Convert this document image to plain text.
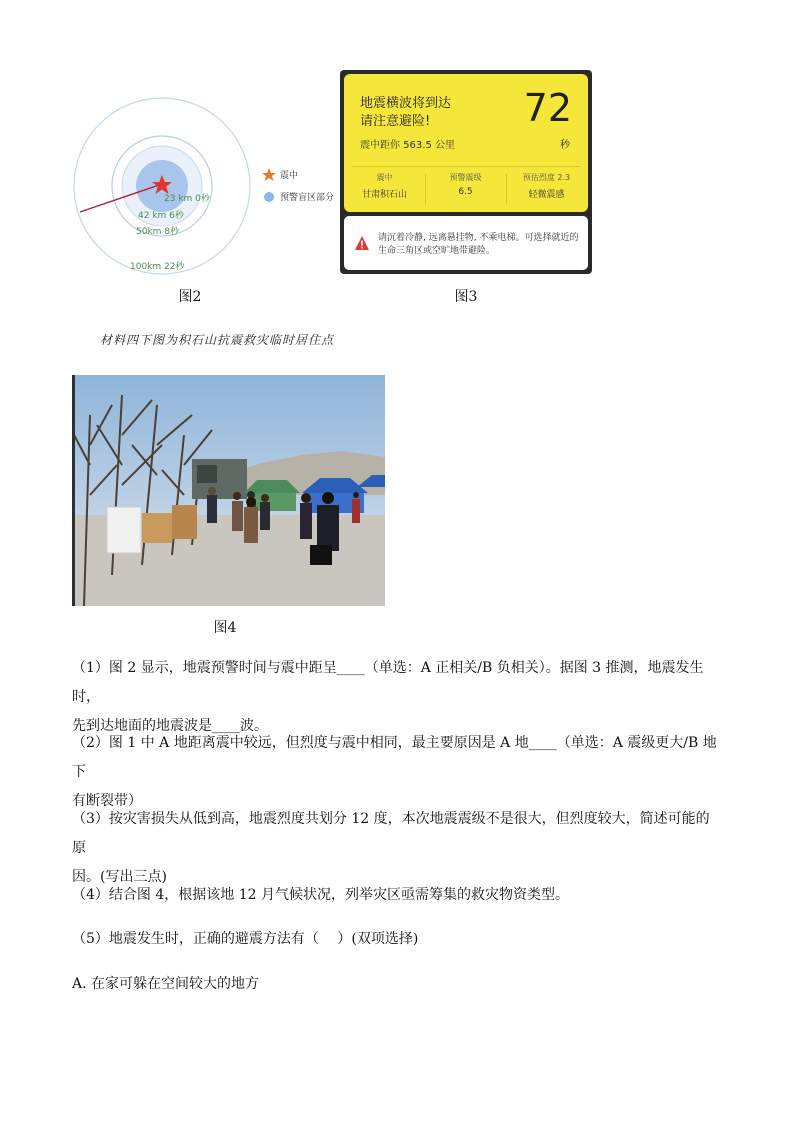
23 km 0秒
42 km 6秒
50km 8秒
100km 22秒
震中
预警盲区部分
图2
地震横波将到达
请注意避险! 72
秒
震中距你 563.5 公里
震中
甘肃积石山
预警震级
6.5
预估烈度 2.3
轻微震感
请沉着冷静, 远离悬挂物, 不乘电梯。可选择就近的生命三角区或空旷地带避险。
图3
材料四下图为积石山抗震救灾临时居住点
图4
（1）图 2 显示，地震预警时间与震中距呈____（单选：A 正相关/B 负相关）。据图 3 推测，地震发生时，
先到达地面的地震波是____波。
（2）图 1 中 A 地距离震中较远，但烈度与震中相同，最主要原因是 A 地____（单选：A 震级更大/B 地下
有断裂带）
（3）按灾害损失从低到高，地震烈度共划分 12 度，本次地震震级不是很大，但烈度较大，简述可能的原
因。(写出三点)
（4）结合图 4，根据该地 12 月气候状况，列举灾区亟需筹集的救灾物资类型。
（5）地震发生时，正确的避震方法有（　 ）(双项选择)
A. 在家可躲在空间较大的地方
